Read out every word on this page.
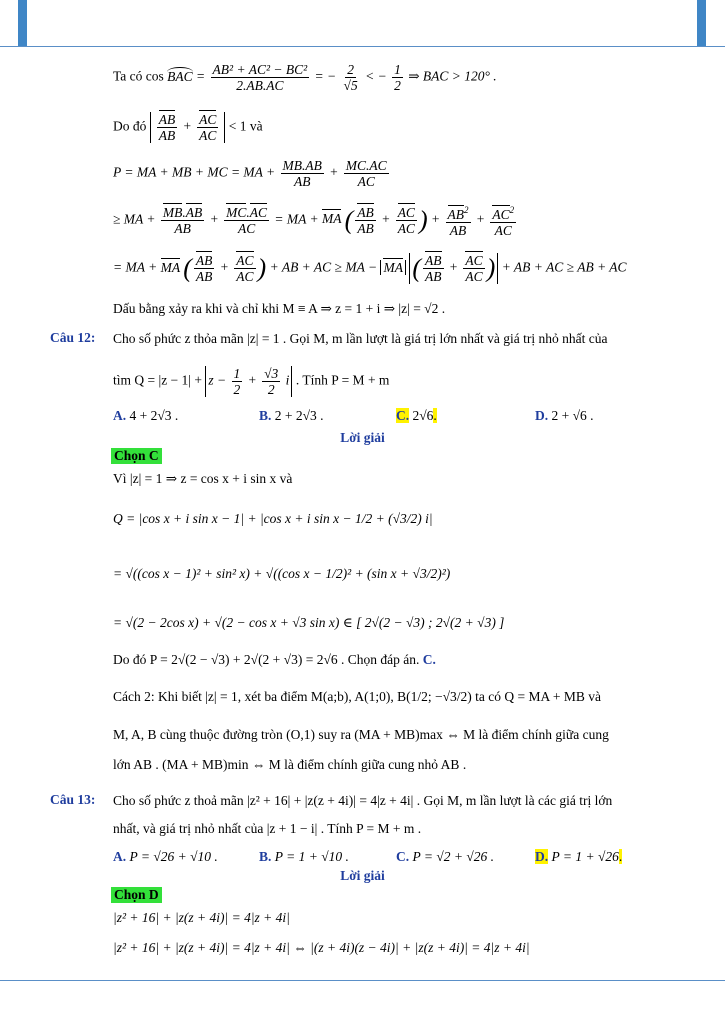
Ta có cos BAC = $\frac{\text{AB² + AC² − BC²}}{2.AB.AC}$ = − $\frac{2}{√5}$ < − $\frac{1}{2}$ ⇒ BAC > 120° .
Do đó $\frac{AB}{AB} + \frac{AC}{AC} < 1$ và
P = MA + MB + MC = MA + $\frac{MB.AB}{AB} + \frac{MC.AC}{AC}$
≥ MA + $\frac{MB.AB}{AB} + \frac{MC.AC}{AC}$ = MA + MA ( $\frac{AB}{AB} + \frac{AC}{AC}$ ) + $\frac{AB^2}{AB} + \frac{AC^2}{AC}$
= MA + MA ( $\frac{AB}{AB} + \frac{AC}{AC}$ ) + AB + AC ≥ MA − MA ( $\frac{AB}{AB} + \frac{AC}{AC}$ ) + AB + AC ≥ AB + AC
Dấu bằng xảy ra khi và chỉ khi M ≡ A ⇒ z = 1 + i ⇒ |z| = √2 .
Câu 12: Cho số phức z thỏa mãn |z| = 1 . Gọi M, m lần lượt là giá trị lớn nhất và giá trị nhỏ nhất của
tìm $Q = |z - 1| + z - \frac{1}{2} + \frac{√3}{2}$ i . Tính P = M + m
A. 4 + 2√3 .	B. 2 + 2√3 .	C. 2√6.	D. 2 + √6 .
Lời giải
Chọn C
Vì |z| = 1 ⇒ z = cos x + i sin x và
Q = |cos x + i sin x − 1| + |cos x + i sin x − 1/2 + (√3/2) i|
= √((cos x − 1)² + sin² x) + √((cos x − 1/2)² + (sin x + √3/2)²)
= √(2 − 2cos x) + √(2 − cos x + √3 sin x) ∈ [ 2√(2 − √3) ; 2√(2 + √3) ]
Do đó P = 2√(2 − √3) + 2√(2 + √3) = 2√6 . Chọn đáp án. C.
Cách 2: Khi biết |z| = 1, xét ba điểm M(a;b), A(1;0), B(1/2; −√3/2) ta có Q = MA + MB và
M, A, B cùng thuộc đường tròn (O,1) suy ra (MA + MB)max ⇔ M là điểm chính giữa cung
lớn AB . (MA + MB)min ⇔ M là điểm chính giữa cung nhỏ AB .
Câu 13: Cho số phức z thoả mãn |z² + 16| + |z(z + 4i)| = 4|z + 4i| . Gọi M, m lần lượt là các giá trị lớn
nhất, và giá trị nhỏ nhất của |z + 1 − i| . Tính P = M + m .
A. P = √26 + √10 .	B. P = 1 + √10 .	C. P = √2 + √26 .	D. P = 1 + √26.
Lời giải
Chọn D
|z² + 16| + |z(z + 4i)| = 4|z + 4i|
|z² + 16| + |z(z + 4i)| = 4|z + 4i| ⇔ |(z + 4i)(z − 4i)| + |z(z + 4i)| = 4|z + 4i|
